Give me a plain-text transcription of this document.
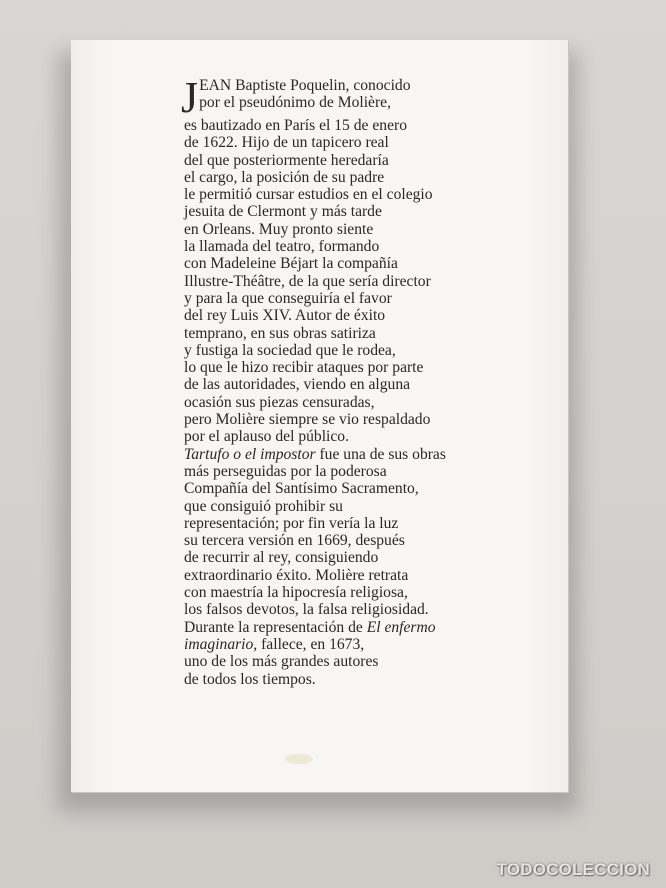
J EAN Baptiste Poquelin, conocido
por el pseudónimo de Molière,
es bautizado en París el 15 de enero
de 1622. Hijo de un tapicero real
del que posteriormente heredaría
el cargo, la posición de su padre
le permitió cursar estudios en el colegio
jesuita de Clermont y más tarde
en Orleans. Muy pronto siente
la llamada del teatro, formando
con Madeleine Béjart la compañía
Illustre-Théâtre, de la que sería director
y para la que conseguiría el favor
del rey Luis XIV. Autor de éxito
temprano, en sus obras satiriza
y fustiga la sociedad que le rodea,
lo que le hizo recibir ataques por parte
de las autoridades, viendo en alguna
ocasión sus piezas censuradas,
pero Molière siempre se vio respaldado
por el aplauso del público.
Tartufo o el impostor fue una de sus obras
más perseguidas por la poderosa
Compañía del Santísimo Sacramento,
que consiguió prohibir su
representación; por fin vería la luz
su tercera versión en 1669, después
de recurrir al rey, consiguiendo
extraordinario éxito. Molière retrata
con maestría la hipocresía religiosa,
los falsos devotos, la falsa religiosidad.
Durante la representación de El enfermo
imaginario, fallece, en 1673,
uno de los más grandes autores
de todos los tiempos.
TODOCOLECCION
